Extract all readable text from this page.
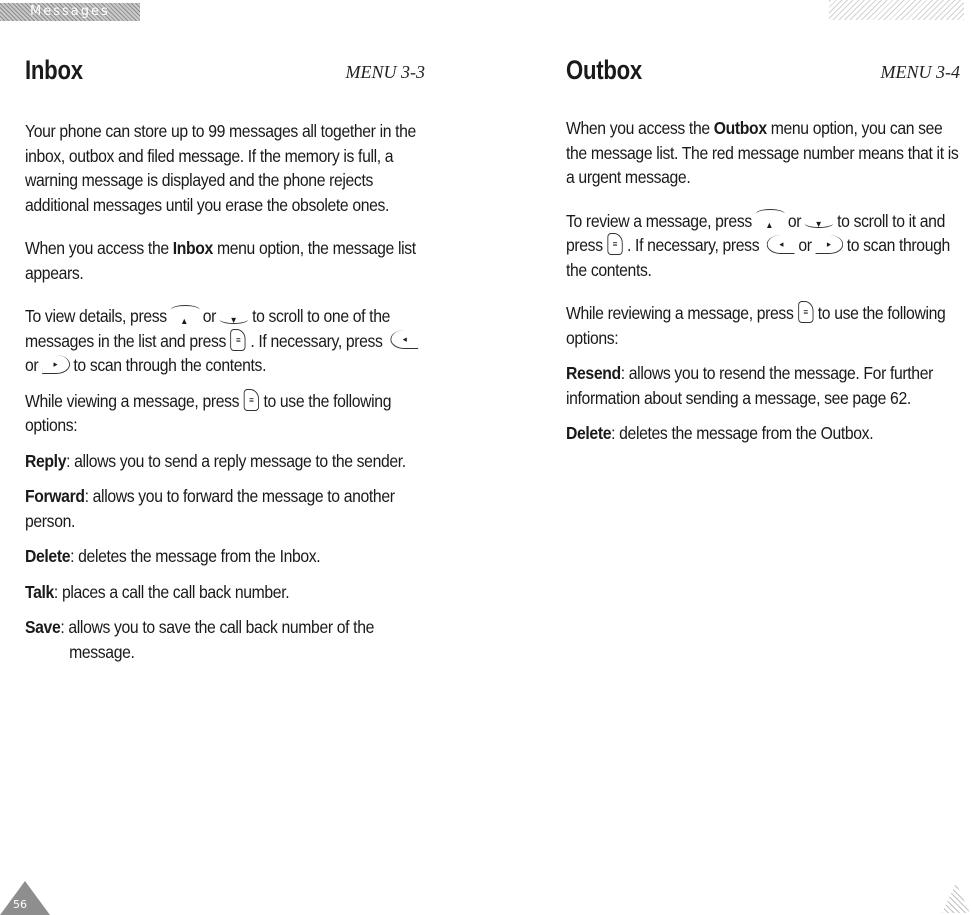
Messages
Inbox	MENU 3-3

Your phone can store up to 99 messages all together in the inbox, outbox and filed message. If the memory is full, a warning message is displayed and the phone rejects additional messages until you erase the obsolete ones.

When you access the Inbox menu option, the message list appears.

To view details, press ▲ or ▼ to scroll to one of the messages in the list and press ≡ . If necessary, press ◂or ▸ to scan through the contents.

While viewing a message, press ≡ to use the following options:

Reply: allows you to send a reply message to the sender.

Forward: allows you to forward the message to another person.

Delete: deletes the message from the Inbox.

Talk: places a call the call back number.

Save: allows you to save the call back number of the

message.

Outbox	MENU 3-4

When you access the Outbox menu option, you can see the message list. The red message number means that it is a urgent message.

To review a message, press ▲ or ▼ to scroll to it and press ≡ . If necessary, press ◂ or ▸ to scan through the contents.

While reviewing a message, press ≡ to use the following options:

Resend: allows you to resend the message. For further information about sending a message, see page 62.

Delete: deletes the message from the Outbox.

56
